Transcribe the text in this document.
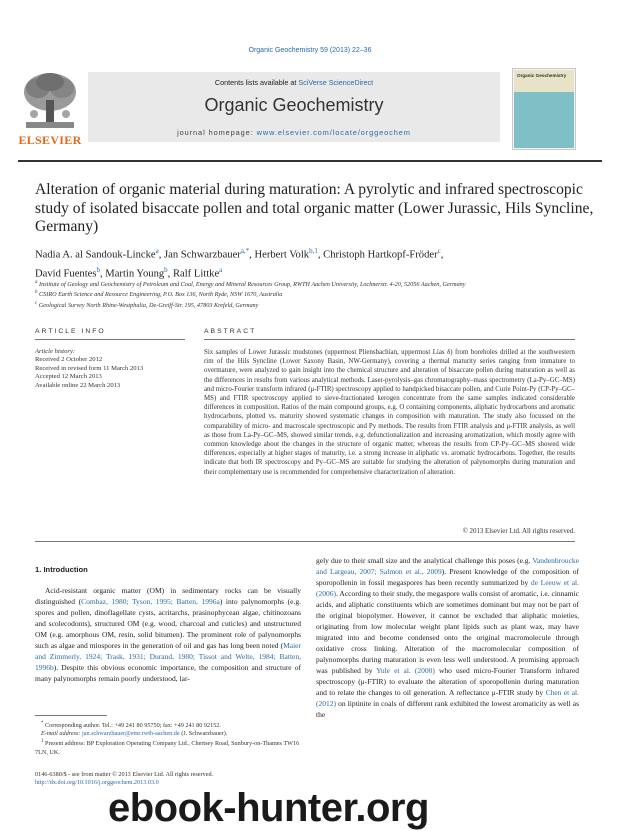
Organic Geochemistry 59 (2013) 22–36
ELSEVIER
Contents lists available at SciVerse ScienceDirect
Organic Geochemistry
journal homepage: www.elsevier.com/locate/orggeochem
Organic Geochemistry
Alteration of organic material during maturation: A pyrolytic and infrared spectroscopic study of isolated bisaccate pollen and total organic matter (Lower Jurassic, Hils Syncline, Germany)
Nadia A. al Sandouk-Lincke$^a$, Jan Schwarzbauer$^{a,*}$, Herbert Volk$^{b,1}$, Christoph Hartkopf-Fröder$^c$,
David Fuentes$^b$, Martin Young$^b$, Ralf Littke$^a$
$^a$ Institute of Geology and Geochemistry of Petroleum and Coal, Energy and Mineral Resources Group, RWTH Aachen University, Lochnerstr. 4-20, 52056 Aachen, Germany
$^b$ CSIRO Earth Science and Resource Engineering, P.O. Box 136, North Ryde, NSW 1670, Australia
$^c$ Geological Survey North Rhine-Westphalia, De-Greiff-Str. 195, 47803 Krefeld, Germany
ARTICLE INFO	ABSTRACT
Article history:
Received 2 October 2012
Received in revised form 11 March 2013
Accepted 12 March 2013
Available online 22 March 2013
Six samples of Lower Jurassic mudstones (uppermost Pliensbachian, uppermost Lias δ) from boreholes drilled at the southwestern rim of the Hils Syncline (Lower Saxony Basin, NW-Germany), covering a thermal maturity series ranging from immature to overmature, were analyzed to gain insight into the chemical structure and alteration of bisaccate pollen during maturation as well as the differences in results from various analytical methods. Laser-pyrolysis–gas chromatography–mass spectrometry (La-Py–GC–MS) and micro-Fourier transform infrared (μ-FTIR) spectroscopy applied to handpicked bisaccate pollen, and Curie Point-Py (CP-Py–GC–MS) and FTIR spectroscopy applied to sieve-fractionated kerogen concentrate from the same samples indicated considerable differences in composition. Ratios of the main compound groups, e.g. O containing components, aliphatic hydrocarbons and aromatic hydrocarbons, plotted vs. maturity showed systematic changes in composition with maturation. The study also focussed on the comparability of micro- and macroscale spectroscopic and Py methods. The results from FTIR analysis and μ-FTIR analysis, as well as those from La-Py–GC–MS, showed similar trends, e.g. defunctionalization and increasing aromatization, which mostly agree with common knowledge about the changes in the structure of organic matter, whereas the results from CP-Py–GC–MS showed wide differences, especially at higher stages of maturity, i.e. a strong increase in aliphatic vs. aromatic hydrocarbons. Together, the results indicate that both IR spectroscopy and Py–GC–MS are suitable for studying the alteration of palynomorphs during maturation and their complementary use is recommended for comprehensive characterization of alteration.
© 2013 Elsevier Ltd. All rights reserved.
1. Introduction
Acid-resistant organic matter (OM) in sedimentary rocks can be visually distinguished (Combaz, 1980; Tyson, 1995; Batten, 1996a) into palynomorphs (e.g. spores and pollen, dinoflagellate cysts, acritarchs, prasinophycean algae, chitinozoans and scolecodonts), structured OM (e.g. wood, charcoal and cuticles) and unstructured OM (e.g. amorphous OM, resin, solid bitumen). The prominent role of palynomorphs such as algae and miospores in the generation of oil and gas has long been noted (Maier and Zimmerly, 1924; Trask, 1931; Durand, 1980; Tissot and Welte, 1984; Batten, 1996b). Despite this obvious economic importance, the composition and structure of many palynomorphs remain poorly understood, lar-
gely due to their small size and the analytical challenge this poses (e.g. Vandenbroucke and Largeau, 2007; Salmon et al., 2009). Present knowledge of the composition of sporopollenin in fossil megaspores has been recently summarized by de Leeuw et al. (2006). According to their study, the megaspore walls consist of aromatic, i.e. cinnamic acids, and aliphatic constituents which are sometimes dominant but may not be part of the original biopolymer. However, it cannot be excluded that aliphatic moieties, originating from low molecular weight plant lipids such as plant wax, may have migrated into and become condensed onto the original macromolecule through oxidative cross linking. Alteration of the macromolecular composition of palynomorphs during maturation is even less well understood. A promising approach was published by Yule et al. (2000) who used micro-Fourier Transform infrared spectroscopy (μ-FTIR) to evaluate the alteration of sporopollenin during maturation and to relate the changes to oil generation. A reflectance μ-FTIR study by Chen et al. (2012) on liptinite in coals of different rank exhibited the lowest aromaticity as well as the
* Corresponding author. Tel.: +49 241 80 95750; fax: +49 241 80 92152.
E-mail address: jan.schwarzbauer@emr.rwth-aachen.de (J. Schwarzbauer).
$^1$ Present address: BP Exploration Operating Company Ltd., Chertsey Road, Sunbury-on-Thames TW16 7LN, UK.
0146-6380/$ - see front matter © 2013 Elsevier Ltd. All rights reserved.
http://dx.doi.org/10.1016/j.orggeochem.2013.03.0
ebook-hunter.org
